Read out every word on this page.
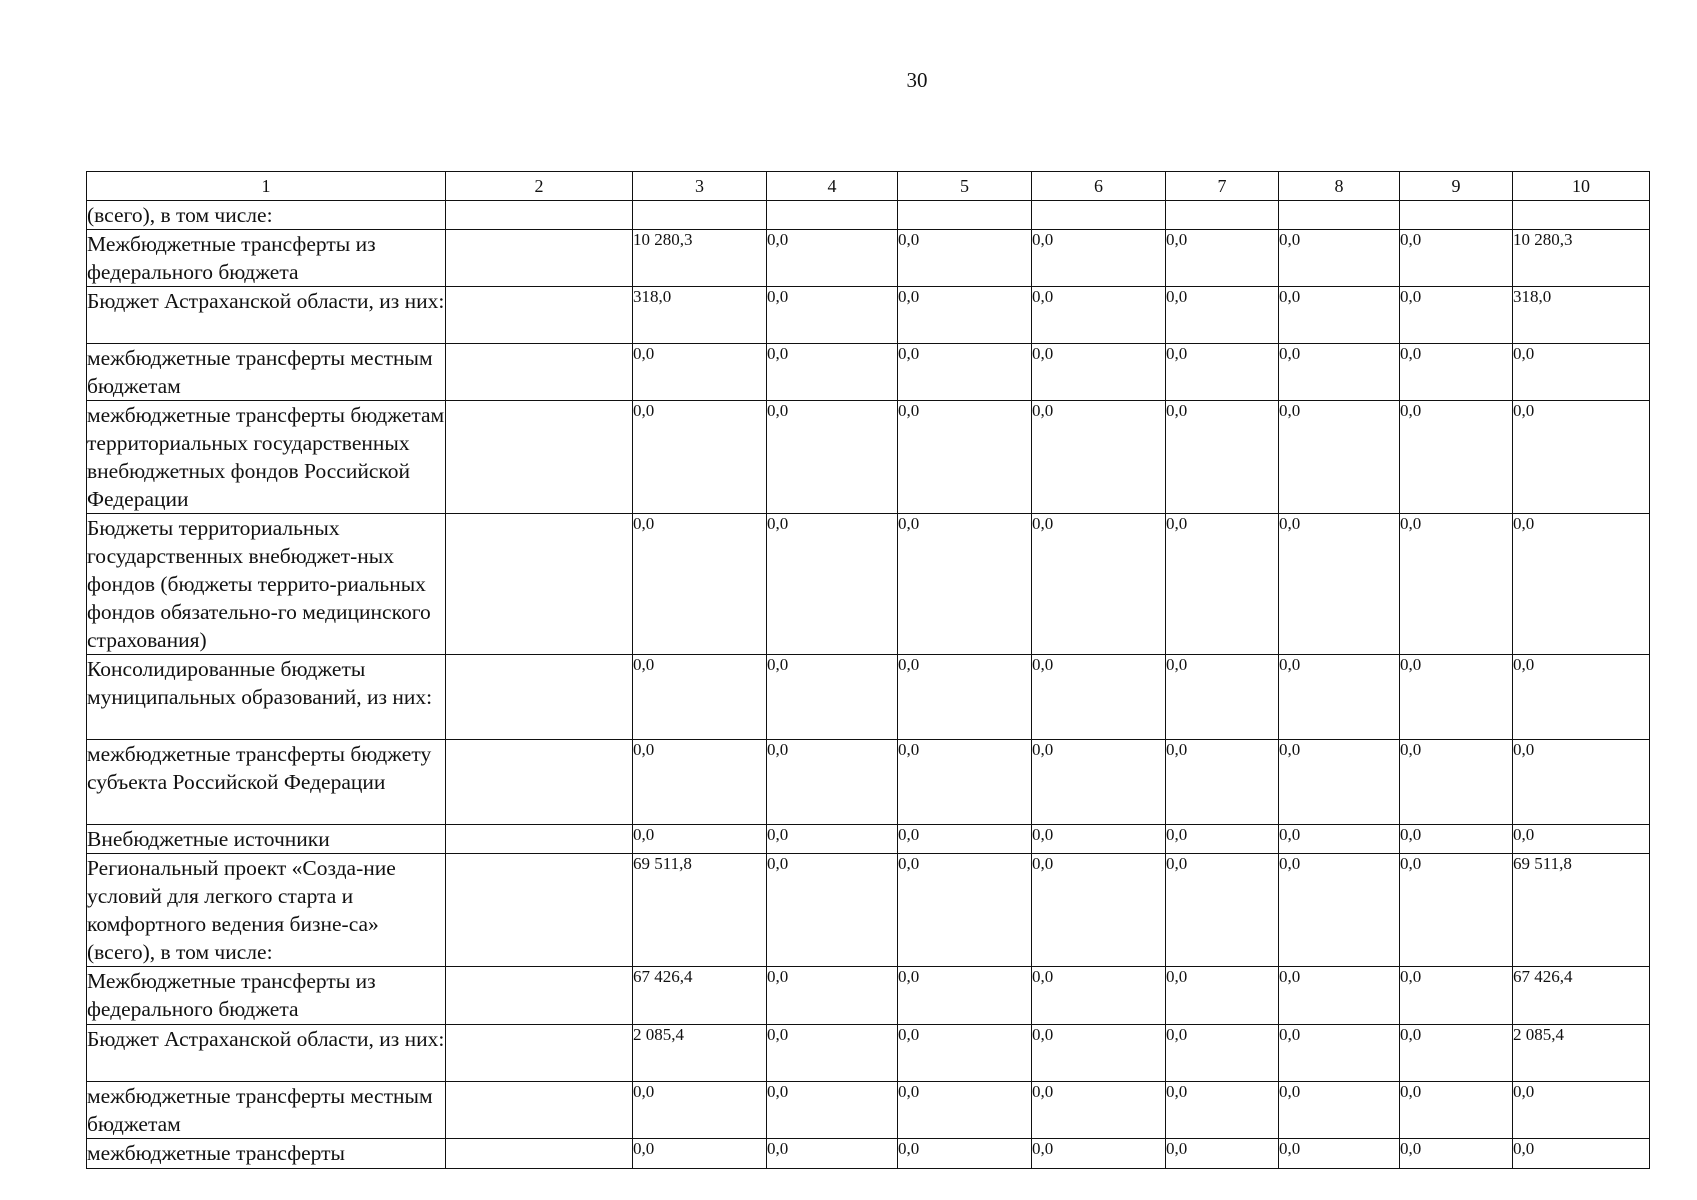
30
1	2	3	4	5	6	7	8	9	10
(всего), в том числе:									
Межбюджетные трансферты из федерального бюджета		10 280,3	0,0	0,0	0,0	0,0	0,0	0,0	10 280,3
Бюджет Астраханской области, из них:		318,0	0,0	0,0	0,0	0,0	0,0	0,0	318,0
межбюджетные трансферты местным бюджетам		0,0	0,0	0,0	0,0	0,0	0,0	0,0	0,0
межбюджетные трансферты бюджетам территориальных государственных внебюджетных фондов Российской Федерации		0,0	0,0	0,0	0,0	0,0	0,0	0,0	0,0
Бюджеты территориальных государственных внебюджет-ных фондов (бюджеты террито-риальных фондов обязательно-го медицинского страхования)		0,0	0,0	0,0	0,0	0,0	0,0	0,0	0,0
Консолидированные бюджеты муниципальных образований, из них:		0,0	0,0	0,0	0,0	0,0	0,0	0,0	0,0
межбюджетные трансферты бюджету субъекта Российской Федерации		0,0	0,0	0,0	0,0	0,0	0,0	0,0	0,0
Внебюджетные источники		0,0	0,0	0,0	0,0	0,0	0,0	0,0	0,0
Региональный проект «Созда-ние условий для легкого старта и комфортного ведения бизне-са» (всего), в том числе:		69 511,8	0,0	0,0	0,0	0,0	0,0	0,0	69 511,8
Межбюджетные трансферты из федерального бюджета		67 426,4	0,0	0,0	0,0	0,0	0,0	0,0	67 426,4
Бюджет Астраханской области, из них:		2 085,4	0,0	0,0	0,0	0,0	0,0	0,0	2 085,4
межбюджетные трансферты местным бюджетам		0,0	0,0	0,0	0,0	0,0	0,0	0,0	0,0
межбюджетные трансферты		0,0	0,0	0,0	0,0	0,0	0,0	0,0	0,0
